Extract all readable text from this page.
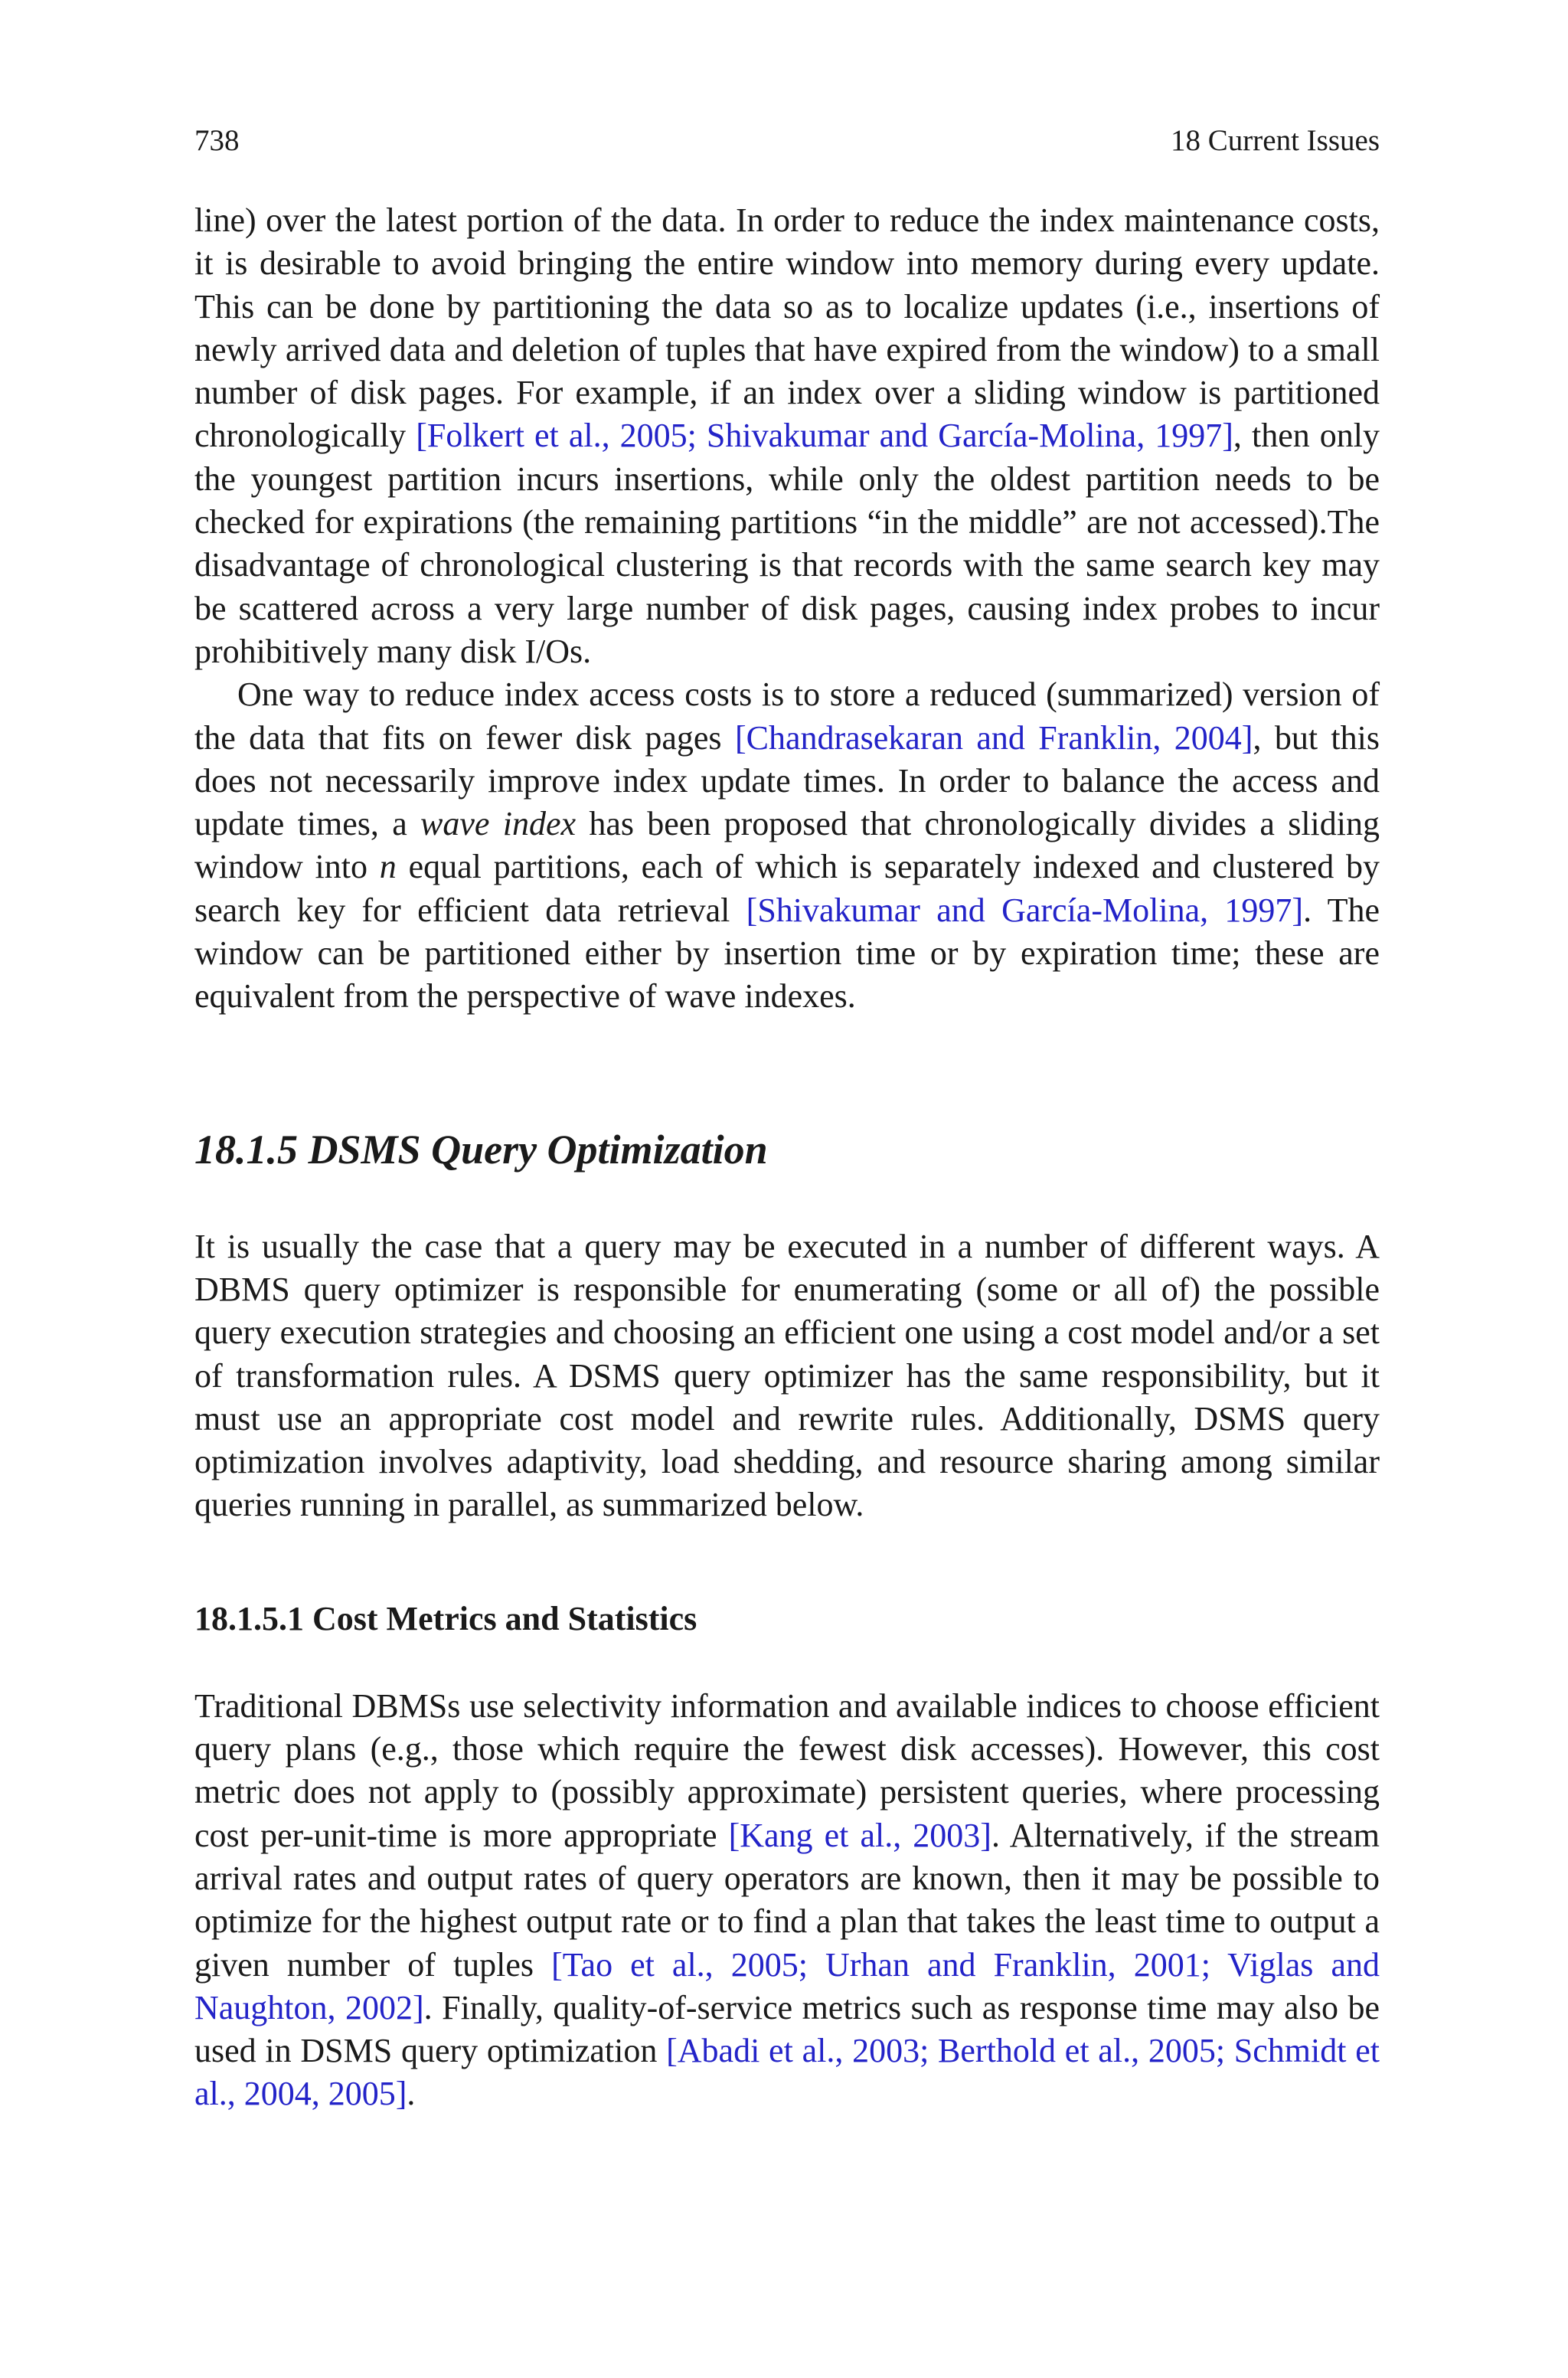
738	18 Current Issues

line) over the latest portion of the data. In order to reduce the index maintenance costs, it is desirable to avoid bringing the entire window into memory during every update. This can be done by partitioning the data so as to localize updates (i.e., insertions of newly arrived data and deletion of tuples that have expired from the window) to a small number of disk pages. For example, if an index over a sliding window is partitioned chronologically [Folkert et al., 2005; Shivakumar and García-Molina, 1997], then only the youngest partition incurs insertions, while only the oldest partition needs to be checked for expirations (the remaining partitions “in the middle” are not accessed).The disadvantage of chronological clustering is that records with the same search key may be scattered across a very large number of disk pages, causing index probes to incur prohibitively many disk I/Os.

One way to reduce index access costs is to store a reduced (summarized) version of the data that fits on fewer disk pages [Chandrasekaran and Franklin, 2004], but this does not necessarily improve index update times. In order to balance the access and update times, a wave index has been proposed that chronologically divides a sliding window into n equal partitions, each of which is separately indexed and clustered by search key for efficient data retrieval [Shivakumar and García-Molina, 1997]. The window can be partitioned either by insertion time or by expiration time; these are equivalent from the perspective of wave indexes.

18.1.5 DSMS Query Optimization

It is usually the case that a query may be executed in a number of different ways. A DBMS query optimizer is responsible for enumerating (some or all of) the possible query execution strategies and choosing an efficient one using a cost model and/or a set of transformation rules. A DSMS query optimizer has the same responsibility, but it must use an appropriate cost model and rewrite rules. Additionally, DSMS query optimization involves adaptivity, load shedding, and resource sharing among similar queries running in parallel, as summarized below.

18.1.5.1 Cost Metrics and Statistics

Traditional DBMSs use selectivity information and available indices to choose efficient query plans (e.g., those which require the fewest disk accesses). However, this cost metric does not apply to (possibly approximate) persistent queries, where processing cost per-unit-time is more appropriate [Kang et al., 2003]. Alternatively, if the stream arrival rates and output rates of query operators are known, then it may be possible to optimize for the highest output rate or to find a plan that takes the least time to output a given number of tuples [Tao et al., 2005; Urhan and Franklin, 2001; Viglas and Naughton, 2002]. Finally, quality-of-service metrics such as response time may also be used in DSMS query optimization [Abadi et al., 2003; Berthold et al., 2005; Schmidt et al., 2004, 2005].
